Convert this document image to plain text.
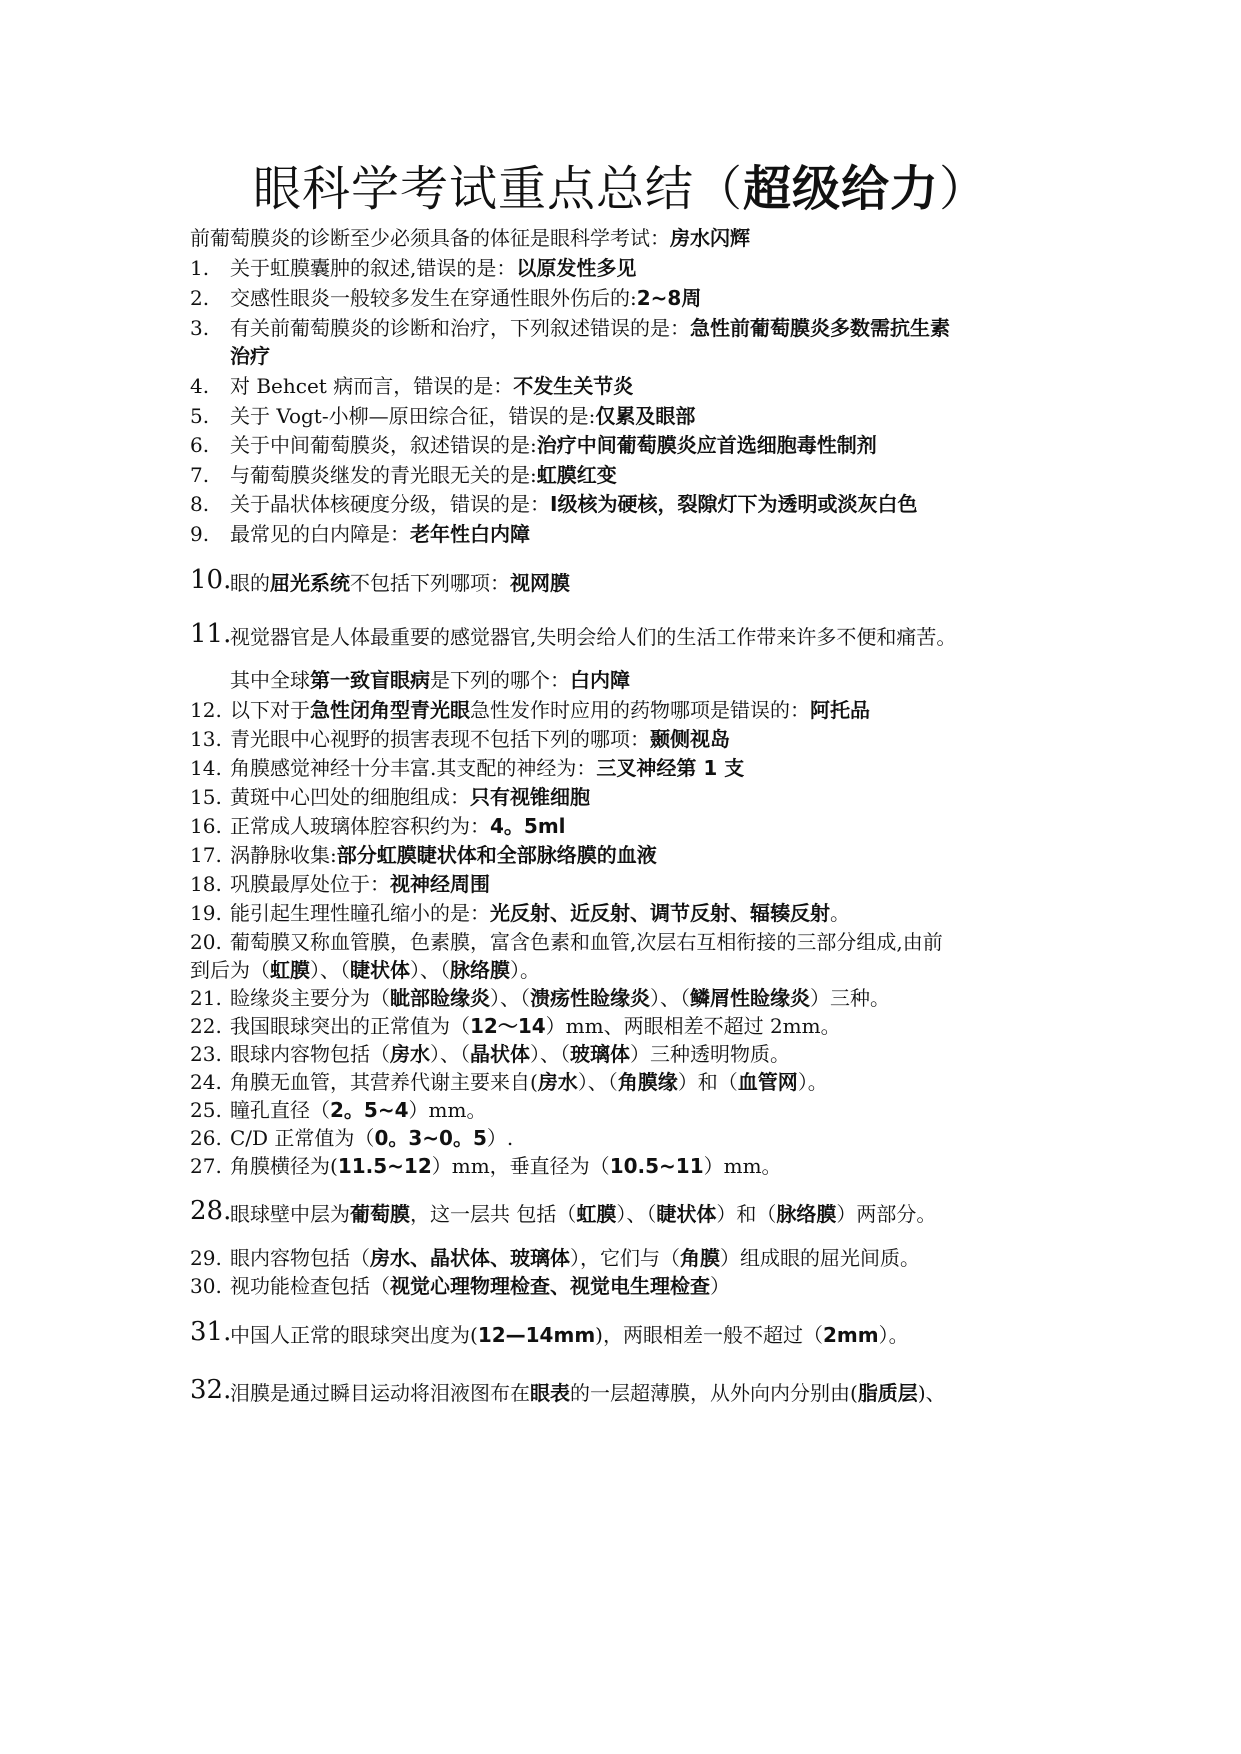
眼科学考试重点总结（超级给力）
前葡萄膜炎的诊断至少必须具备的体征是眼科学考试：房水闪辉
1.	关于虹膜囊肿的叙述,错误的是：以原发性多见
2.	交感性眼炎一般较多发生在穿通性眼外伤后的:2~8周
3.	有关前葡萄膜炎的诊断和治疗，下列叙述错误的是：急性前葡萄膜炎多数需抗生素
治疗
4.	对 Behcet 病而言，错误的是：不发生关节炎
5.	关于 Vogt-小柳—原田综合征，错误的是:仅累及眼部
6.	关于中间葡萄膜炎，叙述错误的是:治疗中间葡萄膜炎应首选细胞毒性制剂
7.	与葡萄膜炎继发的青光眼无关的是:虹膜红变
8.	关于晶状体核硬度分级，错误的是：Ⅰ级核为硬核，裂隙灯下为透明或淡灰白色
9.	最常见的白内障是：老年性白内障
10.
眼的屈光系统不包括下列哪项：视网膜
11.
视觉器官是人体最重要的感觉器官,失明会给人们的生活工作带来许多不便和痛苦。
其中全球第一致盲眼病是下列的哪个：白内障
12. 以下对于急性闭角型青光眼急性发作时应用的药物哪项是错误的：阿托品
13. 青光眼中心视野的损害表现不包括下列的哪项：颞侧视岛
14. 角膜感觉神经十分丰富.其支配的神经为：三叉神经第 1 支
15. 黄斑中心凹处的细胞组成：只有视锥细胞
16. 正常成人玻璃体腔容积约为：4。5ml
17. 涡静脉收集:部分虹膜睫状体和全部脉络膜的血液
18. 巩膜最厚处位于：视神经周围
19. 能引起生理性瞳孔缩小的是：光反射、近反射、调节反射、辐辏反射。
20. 葡萄膜又称血管膜，色素膜，富含色素和血管,次层右互相衔接的三部分组成,由前
到后为（虹膜）、（睫状体）、（脉络膜）。
21. 睑缘炎主要分为（眦部睑缘炎）、（溃疡性睑缘炎）、（鳞屑性睑缘炎）三种。
22. 我国眼球突出的正常值为（12～14）mm、两眼相差不超过 2mm。
23. 眼球内容物包括（房水）、（晶状体）、（玻璃体）三种透明物质。
24. 角膜无血管，其营养代谢主要来自(房水）、（角膜缘）和（血管网）。
25. 瞳孔直径（2。5~4）mm。
26. C/D 正常值为（0。3~0。5）.
27. 角膜横径为(11.5~12）mm，垂直径为（10.5~11）mm。
28.
眼球壁中层为葡萄膜，这一层共 包括（虹膜）、（睫状体）和（脉络膜）两部分。
29. 眼内容物包括（房水、晶状体、玻璃体），它们与（角膜）组成眼的屈光间质。
30. 视功能检查包括（视觉心理物理检查、视觉电生理检查）
31.
中国人正常的眼球突出度为(12—14mm)，两眼相差一般不超过（2mm）。
32.
泪膜是通过瞬目运动将泪液图布在眼表的一层超薄膜，从外向内分别由(脂质层)、
